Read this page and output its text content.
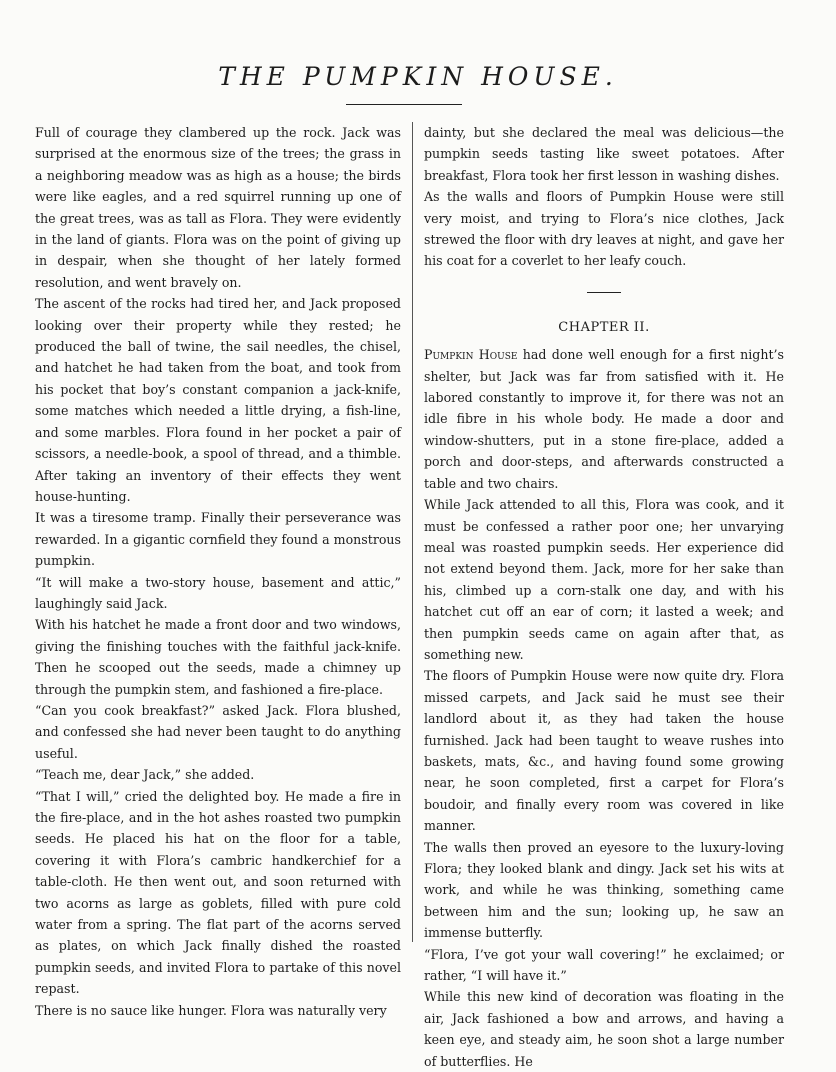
THE PUMPKIN HOUSE.

Full of courage they clambered up the rock. Jack was surprised at the enormous size of the trees; the grass in a neighboring meadow was as high as a house; the birds were like eagles, and a red squirrel running up one of the great trees, was as tall as Flora. They were evidently in the land of giants. Flora was on the point of giving up in despair, when she thought of her lately formed resolution, and went bravely on.

The ascent of the rocks had tired her, and Jack proposed looking over their property while they rested; he produced the ball of twine, the sail needles, the chisel, and hatchet he had taken from the boat, and took from his pocket that boy’s constant companion a jack-knife, some matches which needed a little drying, a fish-line, and some marbles. Flora found in her pocket a pair of scissors, a needle-book, a spool of thread, and a thimble. After taking an inventory of their effects they went house-hunting.

It was a tiresome tramp. Finally their perseverance was rewarded. In a gigantic cornfield they found a monstrous pumpkin.

“It will make a two-story house, basement and attic,” laughingly said Jack.

With his hatchet he made a front door and two windows, giving the finishing touches with the faithful jack-knife. Then he scooped out the seeds, made a chimney up through the pumpkin stem, and fashioned a fire-place.

“Can you cook breakfast?” asked Jack. Flora blushed, and confessed she had never been taught to do anything useful.

“Teach me, dear Jack,” she added.

“That I will,” cried the delighted boy. He made a fire in the fire-place, and in the hot ashes roasted two pumpkin seeds. He placed his hat on the floor for a table, covering it with Flora’s cambric handkerchief for a table-cloth. He then went out, and soon returned with two acorns as large as goblets, filled with pure cold water from a spring. The flat part of the acorns served as plates, on which Jack finally dished the roasted pumpkin seeds, and invited Flora to partake of this novel repast.

There is no sauce like hunger. Flora was naturally very

dainty, but she declared the meal was delicious—the pumpkin seeds tasting like sweet potatoes. After breakfast, Flora took her first lesson in washing dishes.

As the walls and floors of Pumpkin House were still very moist, and trying to Flora’s nice clothes, Jack strewed the floor with dry leaves at night, and gave her his coat for a coverlet to her leafy couch.

CHAPTER II.

Pumpkin House had done well enough for a first night’s shelter, but Jack was far from satisfied with it. He labored constantly to improve it, for there was not an idle fibre in his whole body. He made a door and window-shutters, put in a stone fire-place, added a porch and door-steps, and afterwards constructed a table and two chairs.

While Jack attended to all this, Flora was cook, and it must be confessed a rather poor one; her unvarying meal was roasted pumpkin seeds. Her experience did not extend beyond them. Jack, more for her sake than his, climbed up a corn-stalk one day, and with his hatchet cut off an ear of corn; it lasted a week; and then pumpkin seeds came on again after that, as something new.

The floors of Pumpkin House were now quite dry. Flora missed carpets, and Jack said he must see their landlord about it, as they had taken the house furnished. Jack had been taught to weave rushes into baskets, mats, &c., and having found some growing near, he soon completed, first a carpet for Flora’s boudoir, and finally every room was covered in like manner.

The walls then proved an eyesore to the luxury-loving Flora; they looked blank and dingy. Jack set his wits at work, and while he was thinking, something came between him and the sun; looking up, he saw an immense butterfly.

“Flora, I’ve got your wall covering!” he exclaimed; or rather, “I will have it.”

While this new kind of decoration was floating in the air, Jack fashioned a bow and arrows, and having a keen eye, and steady aim, he soon shot a large number of butterflies. He
